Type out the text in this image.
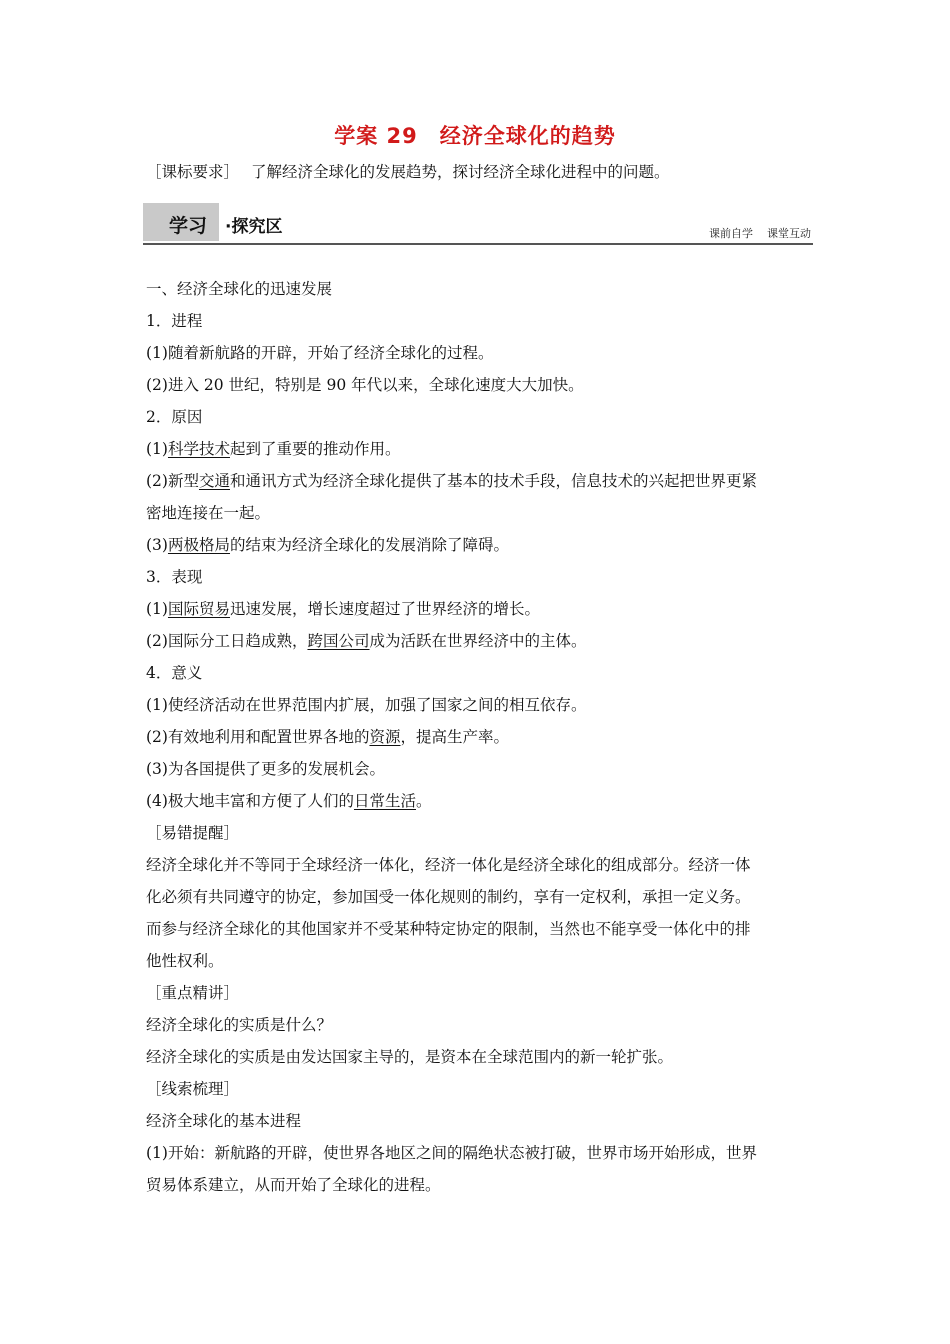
学案 29 经济全球化的趋势
［课标要求］ 了解经济全球化的发展趋势，探讨经济全球化进程中的问题。
学习 ·探究区	课前自学 课堂互动

一、经济全球化的迅速发展

1．进程

(1)随着新航路的开辟，开始了经济全球化的过程。

(2)进入 20 世纪，特别是 90 年代以来，全球化速度大大加快。

2．原因

(1)科学技术起到了重要的推动作用。

(2)新型交通和通讯方式为经济全球化提供了基本的技术手段，信息技术的兴起把世界更紧

密地连接在一起。

(3)两极格局的结束为经济全球化的发展消除了障碍。

3．表现

(1)国际贸易迅速发展，增长速度超过了世界经济的增长。

(2)国际分工日趋成熟，跨国公司成为活跃在世界经济中的主体。

4．意义

(1)使经济活动在世界范围内扩展，加强了国家之间的相互依存。

(2)有效地利用和配置世界各地的资源，提高生产率。

(3)为各国提供了更多的发展机会。

(4)极大地丰富和方便了人们的日常生活。

［易错提醒］

经济全球化并不等同于全球经济一体化，经济一体化是经济全球化的组成部分。经济一体

化必须有共同遵守的协定，参加国受一体化规则的制约，享有一定权利，承担一定义务。

而参与经济全球化的其他国家并不受某种特定协定的限制，当然也不能享受一体化中的排

他性权利。

［重点精讲］

经济全球化的实质是什么？

经济全球化的实质是由发达国家主导的，是资本在全球范围内的新一轮扩张。

［线索梳理］

经济全球化的基本进程

(1)开始：新航路的开辟，使世界各地区之间的隔绝状态被打破，世界市场开始形成，世界

贸易体系建立，从而开始了全球化的进程。
